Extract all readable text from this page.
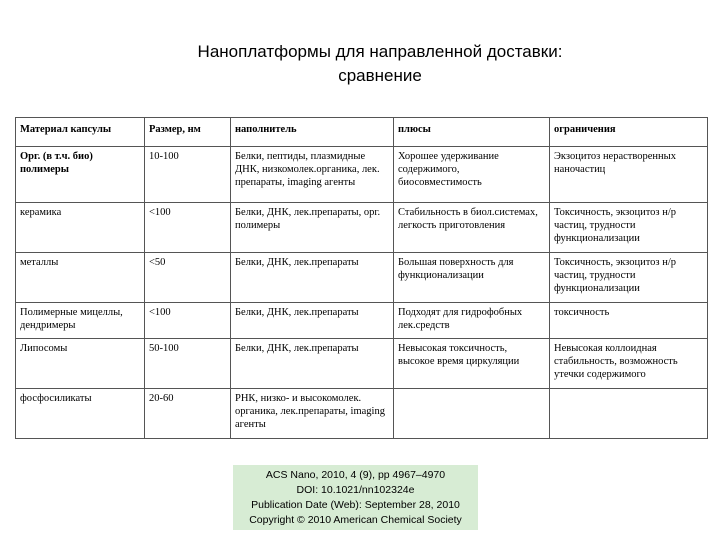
Наноплатформы для направленной доставки:
сравнение
Материал капсулы	Размер, нм	наполнитель	плюсы	ограничения
Орг. (в т.ч. био) полимеры	10-100	Белки, пептиды, плазмидные ДНК, низкомолек.органика, лек. препараты, imaging агенты	Хорошее удерживание содержимого, биосовместимость	Экзоцитоз нерастворенных наночастиц
керамика	<100	Белки, ДНК, лек.препараты, орг. полимеры	Стабильность в биол.системах, легкость приготовления	Токсичность, экзоцитоз н/р частиц, трудности функционализации
металлы	<50	Белки, ДНК, лек.препараты	Большая поверхность для функционализации	Токсичность, экзоцитоз н/р частиц, трудности функционализации
Полимерные мицеллы, дендримеры	<100	Белки, ДНК, лек.препараты	Подходят для гидрофобных лек.средств	токсичность
Липосомы	50-100	Белки, ДНК, лек.препараты	Невысокая токсичность, высокое время циркуляции	Невысокая коллоидная стабильность, возможность утечки содержимого
фосфосиликаты	20-60	РНК, низко- и высокомолек. органика, лек.препараты, imaging агенты		
ACS Nano, 2010, 4 (9), pp 4967–4970
DOI: 10.1021/nn102324e
Publication Date (Web): September 28, 2010
Copyright © 2010 American Chemical Society
